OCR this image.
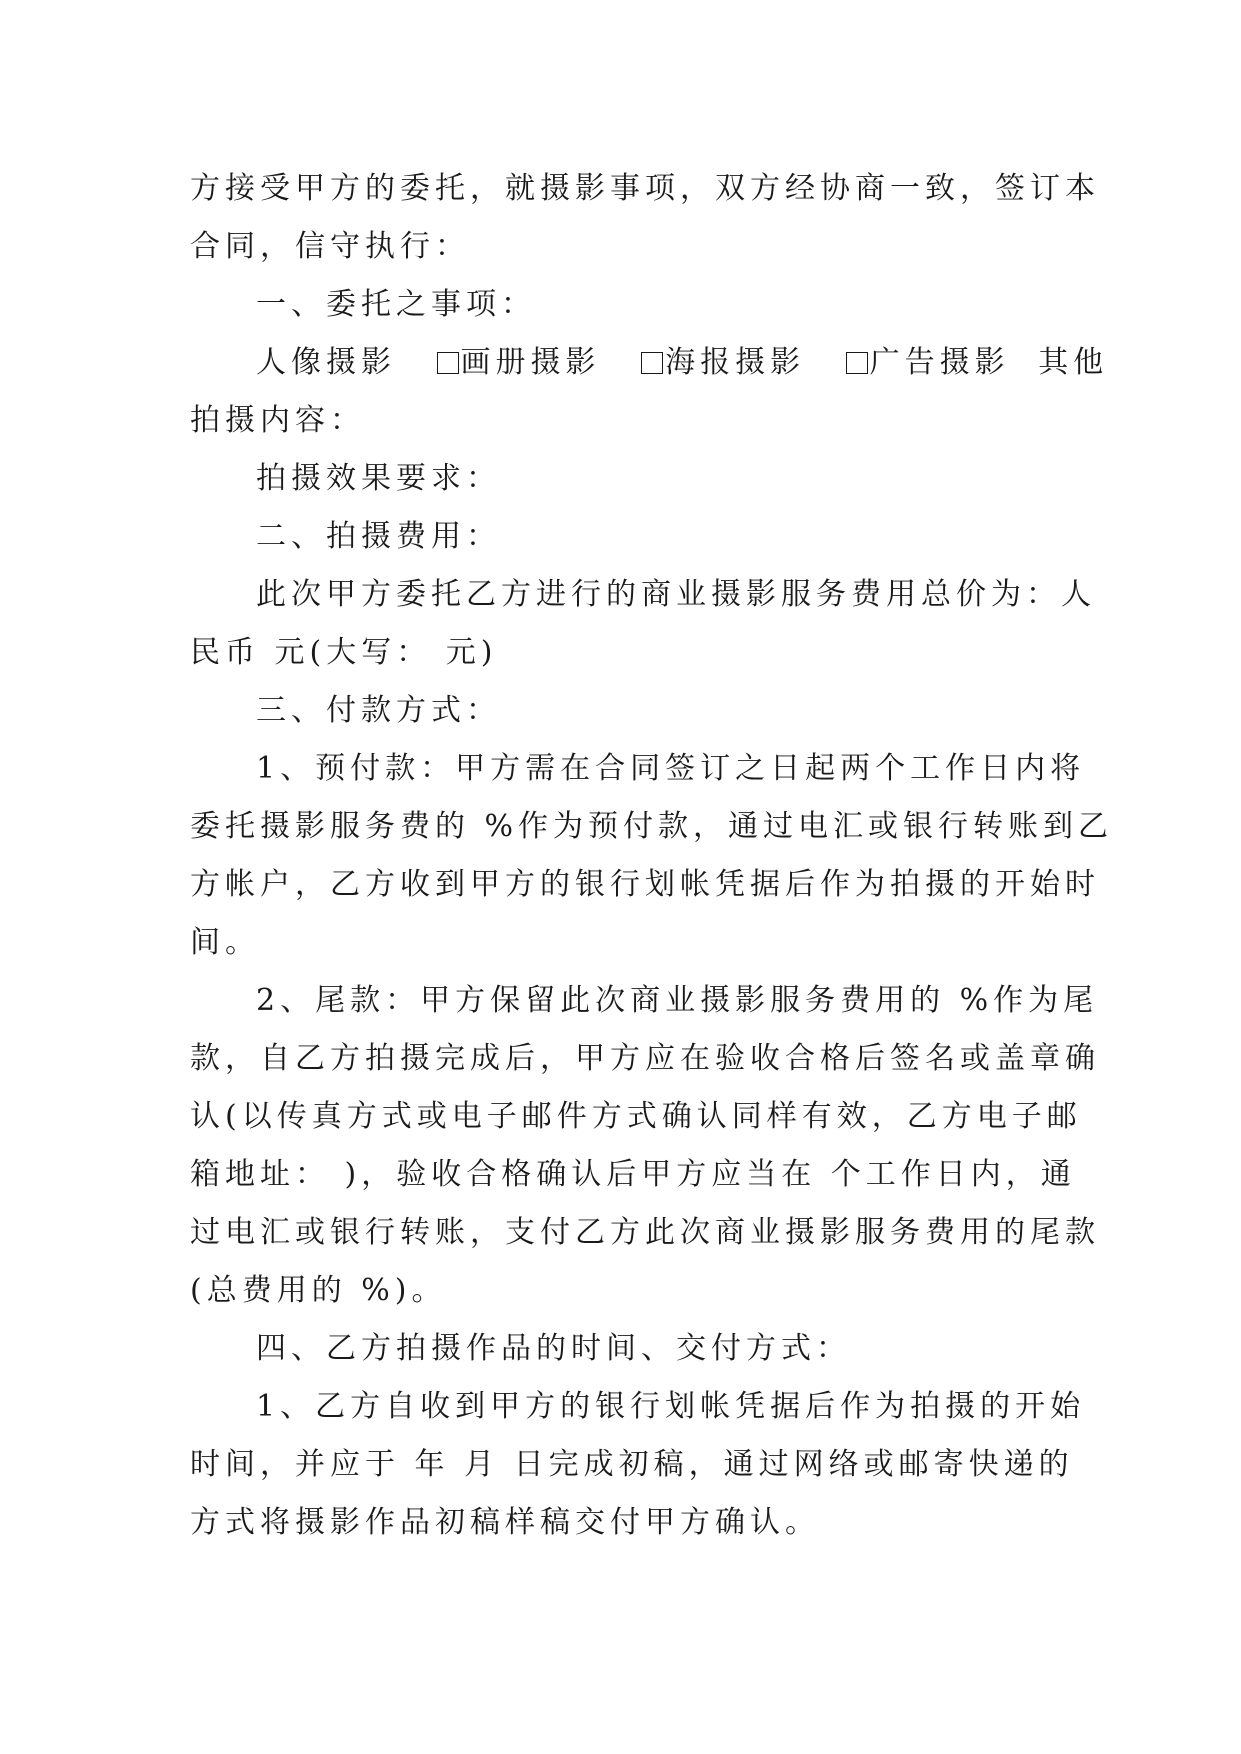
方接受甲方的委托，就摄影事项，双方经协商一致，签订本
合同，信守执行：

一、委托之事项：

人像摄影 画册摄影 海报摄影 广告摄影 其他
拍摄内容：

拍摄效果要求：

二、拍摄费用：

此次甲方委托乙方进行的商业摄影服务费用总价为：人
民币 元(大写： 元)

三、付款方式：

1、预付款：甲方需在合同签订之日起两个工作日内将
委托摄影服务费的 %作为预付款，通过电汇或银行转账到乙
方帐户，乙方收到甲方的银行划帐凭据后作为拍摄的开始时
间。

2、尾款：甲方保留此次商业摄影服务费用的 %作为尾
款，自乙方拍摄完成后，甲方应在验收合格后签名或盖章确
认(以传真方式或电子邮件方式确认同样有效，乙方电子邮
箱地址： )，验收合格确认后甲方应当在 个工作日内，通
过电汇或银行转账，支付乙方此次商业摄影服务费用的尾款
(总费用的 %)。

四、乙方拍摄作品的时间、交付方式：

1、乙方自收到甲方的银行划帐凭据后作为拍摄的开始
时间，并应于 年 月 日完成初稿，通过网络或邮寄快递的
方式将摄影作品初稿样稿交付甲方确认。
